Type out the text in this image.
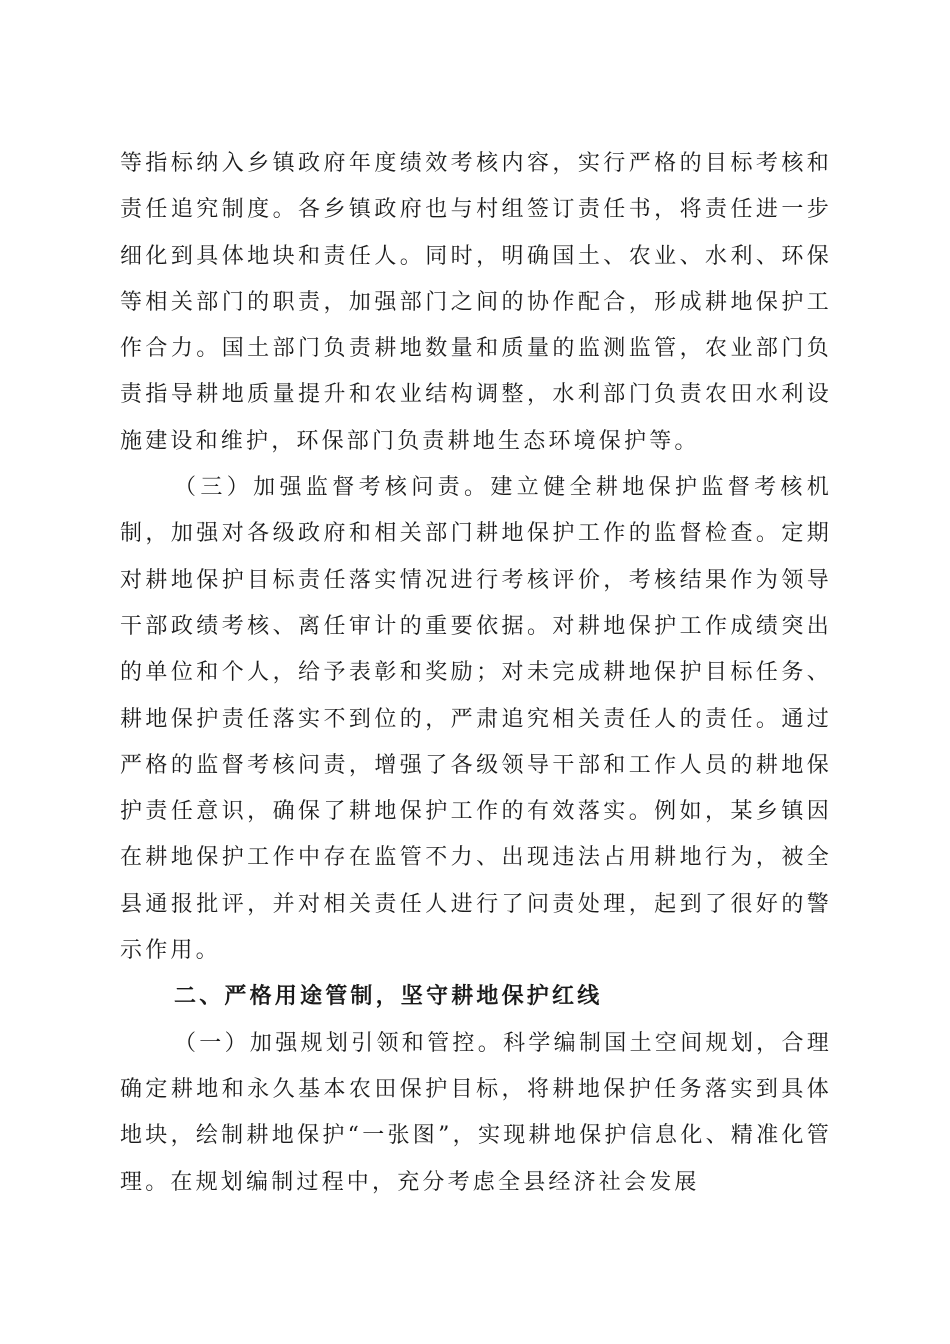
等指标纳入乡镇政府年度绩效考核内容，实行严格的目标考核和责任追究制度。各乡镇政府也与村组签订责任书，将责任进一步细化到具体地块和责任人。同时，明确国土、农业、水利、环保等相关部门的职责，加强部门之间的协作配合，形成耕地保护工作合力。国土部门负责耕地数量和质量的监测监管，农业部门负责指导耕地质量提升和农业结构调整，水利部门负责农田水利设施建设和维护，环保部门负责耕地生态环境保护等。

（三）加强监督考核问责。建立健全耕地保护监督考核机制，加强对各级政府和相关部门耕地保护工作的监督检查。定期对耕地保护目标责任落实情况进行考核评价，考核结果作为领导干部政绩考核、离任审计的重要依据。对耕地保护工作成绩突出的单位和个人，给予表彰和奖励；对未完成耕地保护目标任务、耕地保护责任落实不到位的，严肃追究相关责任人的责任。通过严格的监督考核问责，增强了各级领导干部和工作人员的耕地保护责任意识，确保了耕地保护工作的有效落实。例如，某乡镇因在耕地保护工作中存在监管不力、出现违法占用耕地行为，被全县通报批评，并对相关责任人进行了问责处理，起到了很好的警示作用。

二、严格用途管制，坚守耕地保护红线

（一）加强规划引领和管控。科学编制国土空间规划，合理确定耕地和永久基本农田保护目标，将耕地保护任务落实到具体地块，绘制耕地保护“一张图”，实现耕地保护信息化、精准化管理。在规划编制过程中，充分考虑全县经济社会发展
